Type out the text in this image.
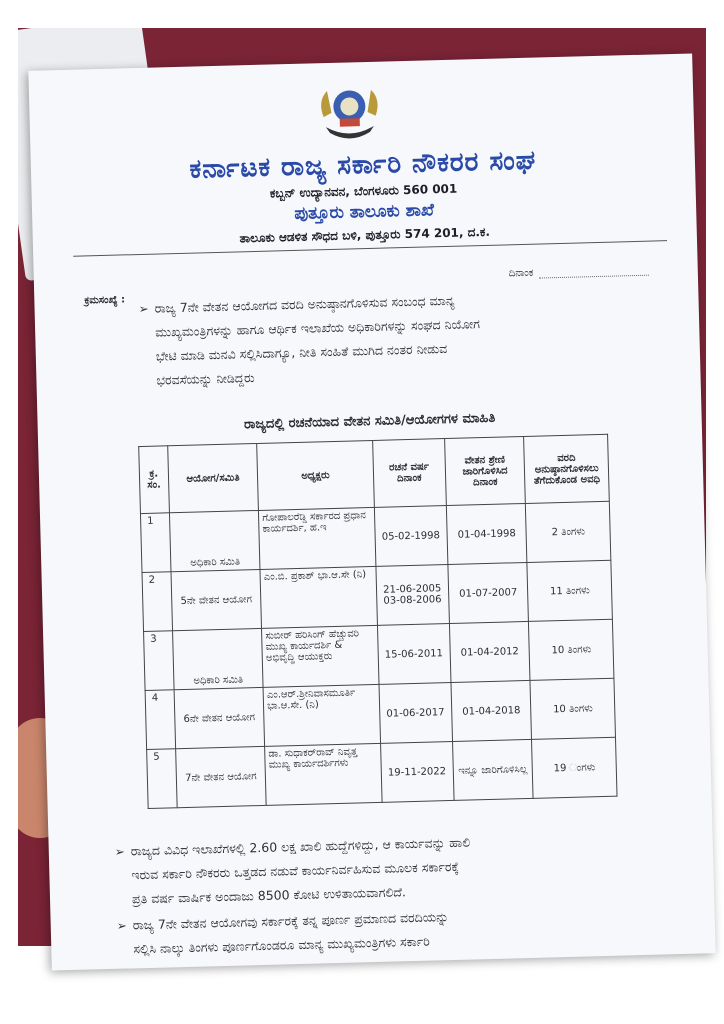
ಕರ್ನಾಟಕ ರಾಜ್ಯ ಸರ್ಕಾರಿ ನೌಕರರ ಸಂಘ
ಕಬ್ಬನ್ ಉದ್ಯಾನವನ, ಬೆಂಗಳೂರು 560 001
ಪುತ್ತೂರು ತಾಲೂಕು ಶಾಖೆ
ತಾಲೂಕು ಆಡಳಿತ ಸೌಧದ ಬಳಿ, ಪುತ್ತೂರು 574 201, ದ.ಕ.
ದಿನಾಂಕ
ಕ್ರಮಸಂಖ್ಯೆ :
➢ ರಾಜ್ಯ 7ನೇ ವೇತನ ಆಯೋಗದ ವರದಿ ಅನುಷ್ಠಾನಗೊಳಿಸುವ ಸಂಬಂಧ ಮಾನ್ಯ
ಮುಖ್ಯಮಂತ್ರಿಗಳನ್ನು ಹಾಗೂ ಆರ್ಥಿಕ ಇಲಾಖೆಯ ಅಧಿಕಾರಿಗಳನ್ನು ಸಂಘದ ನಿಯೋಗ
ಭೇಟಿ ಮಾಡಿ ಮನವಿ ಸಲ್ಲಿಸಿದಾಗ್ಯೂ, ನೀತಿ ಸಂಹಿತೆ ಮುಗಿದ ನಂತರ ನೀಡುವ
ಭರವಸೆಯನ್ನು ನೀಡಿದ್ದರು
ರಾಜ್ಯದಲ್ಲಿ ರಚನೆಯಾದ ವೇತನ ಸಮಿತಿ/ಆಯೋಗಗಳ ಮಾಹಿತಿ
ಕ್ರ. ಸಂ.	ಆಯೋಗ/ಸಮಿತಿ	ಅಧ್ಯಕ್ಷರು	ರಚನೆ ವರ್ಷ ದಿನಾಂಕ	ವೇತನ ಶ್ರೇಣಿ ಜಾರಿಗೊಳಿಸಿದ ದಿನಾಂಕ	ವರದಿ ಅನುಷ್ಠಾನಗೊಳಿಸಲು ತೆಗೆದುಕೊಂಡ ಅವಧಿ
1	ಅಧಿಕಾರಿ ಸಮಿತಿ	ಗೋಪಾಲರೆಡ್ಡಿ ಸರ್ಕಾರದ ಪ್ರಧಾನ ಕಾರ್ಯದರ್ಶಿ, ಹ.ಇ	05-02-1998	01-04-1998	2 ತಿಂಗಳು
2	5ನೇ ವೇತನ ಆಯೋಗ	ಎಂ.ಬಿ. ಪ್ರಕಾಶ್ ಭಾ.ಆ.ಸೇ (ನಿ)	21-06-2005 03-08-2006	01-07-2007	11 ತಿಂಗಳು
3	ಅಧಿಕಾರಿ ಸಮಿತಿ	ಸುಬೀರ್ ಹರಿಸಿಂಗ್ ಹೆಚ್ಚುವರಿ ಮುಖ್ಯ ಕಾರ್ಯದರ್ಶಿ & ಅಭಿವೃದ್ಧಿ ಆಯುಕ್ತರು	15-06-2011	01-04-2012	10 ತಿಂಗಳು
4	6ನೇ ವೇತನ ಆಯೋಗ	ಎಂ.ಆರ್.ಶ್ರೀನಿವಾಸಮೂರ್ತಿ ಭಾ.ಆ.ಸೇ. (ನಿ)	01-06-2017	01-04-2018	10 ತಿಂಗಳು
5	7ನೇ ವೇತನ ಆಯೋಗ	ಡಾ. ಸುಧಾಕರ್‌ರಾವ್ ನಿವೃತ್ತ ಮುಖ್ಯ ಕಾರ್ಯದರ್ಶಿಗಳು	19-11-2022	ಇನ್ನೂ ಜಾರಿಗೊಳಿಸಿಲ್ಲ	19 ಂಗಳು
➢ ರಾಜ್ಯದ ವಿವಿಧ ಇಲಾಖೆಗಳಲ್ಲಿ 2.60 ಲಕ್ಷ ಖಾಲಿ ಹುದ್ದೆಗಳಿದ್ದು, ಆ ಕಾರ್ಯವನ್ನು ಹಾಲಿ
ಇರುವ ಸರ್ಕಾರಿ ನೌಕರರು ಒತ್ತಡದ ನಡುವೆ ಕಾರ್ಯನಿರ್ವಹಿಸುವ ಮೂಲಕ ಸರ್ಕಾರಕ್ಕೆ
ಪ್ರತಿ ವರ್ಷ ವಾರ್ಷಿಕ ಅಂದಾಜು 8500 ಕೋಟಿ ಉಳಿತಾಯವಾಗಲಿದೆ.
➢ ರಾಜ್ಯ 7ನೇ ವೇತನ ಆಯೋಗವು ಸರ್ಕಾರಕ್ಕೆ ತನ್ನ ಪೂರ್ಣ ಪ್ರಮಾಣದ ವರದಿಯನ್ನು
ಸಲ್ಲಿಸಿ ನಾಲ್ಕು ತಿಂಗಳು ಪೂರ್ಣಗೊಂಡರೂ ಮಾನ್ಯ ಮುಖ್ಯಮಂತ್ರಿಗಳು ಸರ್ಕಾರಿ
